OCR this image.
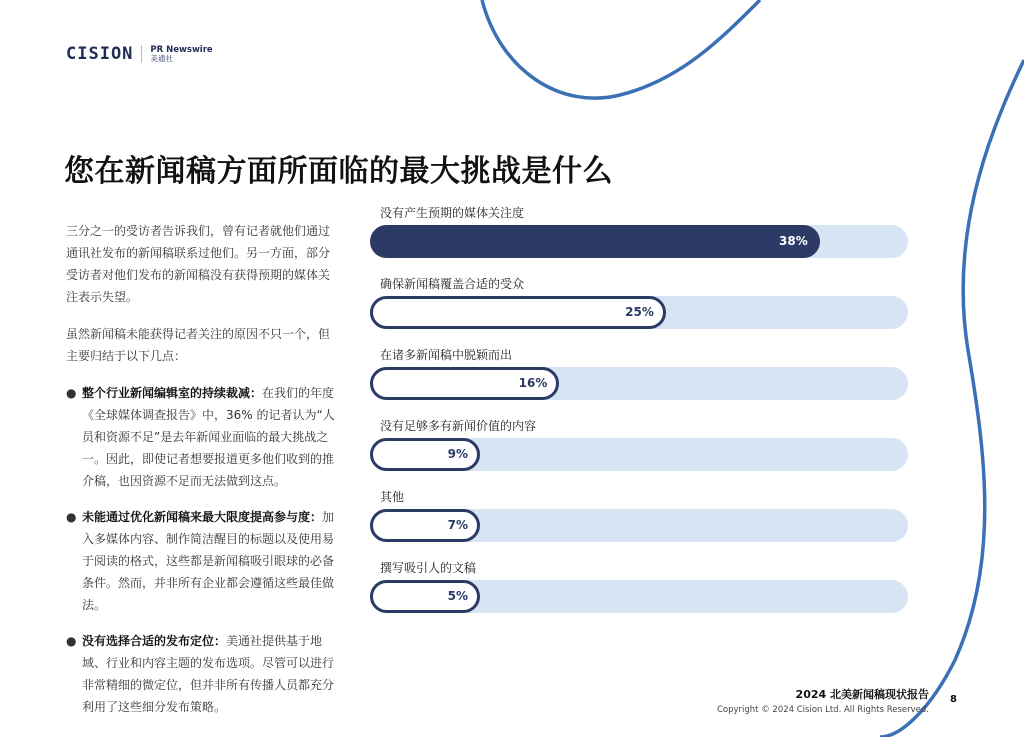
CISION PR Newswire
美通社
您在新闻稿方面所面临的最大挑战是什么

三分之一的受访者告诉我们，曾有记者就他们通过通讯社发布的新闻稿联系过他们。另一方面，部分受访者对他们发布的新闻稿没有获得预期的媒体关注表示失望。

虽然新闻稿未能获得记者关注的原因不只一个，但主要归结于以下几点：

● 整个行业新闻编辑室的持续裁减：在我们的年度《全球媒体调查报告》中，36% 的记者认为“人员和资源不足”是去年新闻业面临的最大挑战之一。因此，即使记者想要报道更多他们收到的推介稿，也因资源不足而无法做到这点。
● 未能通过优化新闻稿来最大限度提高参与度：加入多媒体内容、制作简洁醒目的标题以及使用易于阅读的格式，这些都是新闻稿吸引眼球的必备条件。然而，并非所有企业都会遵循这些最佳做法。
● 没有选择合适的发布定位：美通社提供基于地域、行业和内容主题的发布选项。尽管可以进行非常精细的微定位，但并非所有传播人员都充分利用了这些细分发布策略。
没有产生预期的媒体关注度
38%
确保新闻稿覆盖合适的受众
25%
在诸多新闻稿中脱颖而出
16%
没有足够多有新闻价值的内容
9%
其他
7%
撰写吸引人的文稿
5%
2024 北美新闻稿现状报告
Copyright © 2024 Cision Ltd. All Rights Reserved.
8
